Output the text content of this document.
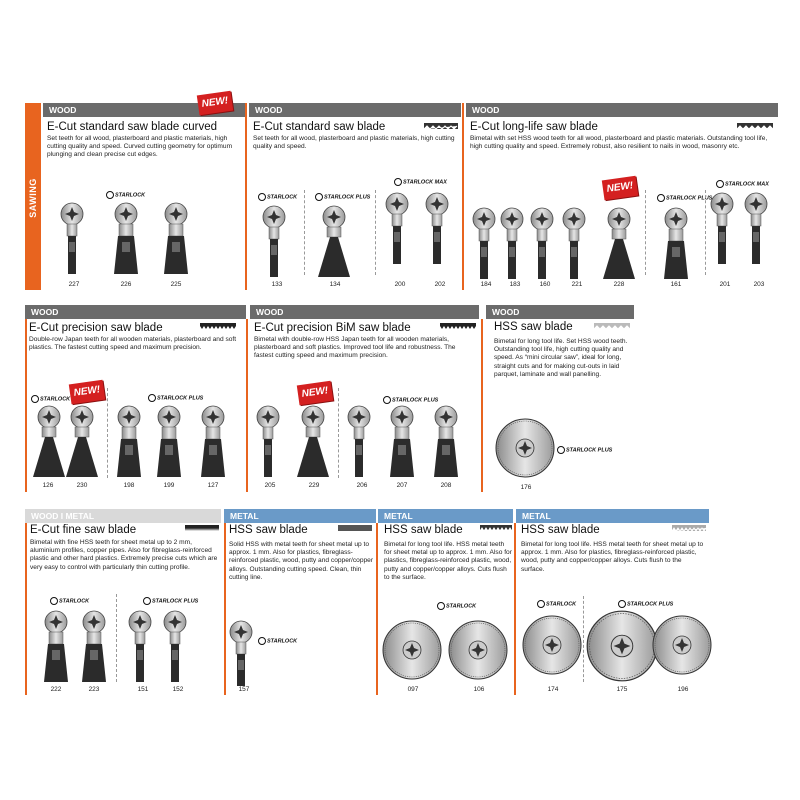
SAWING
WOOD
NEW!
E-Cut standard saw blade curved
Set teeth for all wood, plasterboard and plastic materials, high cutting quality and speed. Curved cutting geometry for optimum plunging and clean precise cut edges.
STARLOCK
227	226	225
WOOD
E-Cut standard saw blade
Set teeth for all wood, plasterboard and plastic materials, high cutting quality and speed.
STARLOCK	STARLOCK PLUS
STARLOCK MAX
133	134	200	202
WOOD
E-Cut long-life saw blade
Bimetal with set HSS wood teeth for all wood, plasterboard and plastic materials. Outstanding tool life, high cutting quality and speed. Extremely robust, also resilient to nails in wood, masonry etc.
NEW!
STARLOCK PLUS
STARLOCK MAX
184	183	160	221	228	161	201	203
WOOD
E-Cut precision saw blade
Double-row Japan teeth for all wooden materials, plasterboard and soft plastics. The fastest cutting speed and maximum precision.
NEW!
STARLOCK	STARLOCK PLUS
126	230	198	199	127
WOOD
E-Cut precision BiM saw blade
Bimetal with double-row HSS Japan teeth for all wooden materials, plasterboard and soft plastics. Improved tool life and robustness. The fastest cutting speed and maximum precision.
NEW!
STARLOCK PLUS
205	229	206	207	208
WOOD
HSS saw blade
Bimetal for long tool life. Set HSS wood teeth. Outstanding tool life, high cutting quality and speed. As “mini circular saw”, ideal for long, straight cuts and for making cut-outs in laid parquet, laminate and wall panelling.
STARLOCK PLUS
176
WOOD I METAL
E-Cut fine saw blade
Bimetal with fine HSS teeth for sheet metal up to 2 mm, aluminium profiles, copper pipes. Also for fibreglass-reinforced plastic and other hard plastics. Extremely precise cuts which are very easy to control with particularly thin cutting profile.
STARLOCK	STARLOCK PLUS
222	223	151	152
METAL
HSS saw blade
Solid HSS with metal teeth for sheet metal up to approx. 1 mm. Also for plastics, fibreglass-reinforced plastic, wood, putty and copper/copper alloys. Outstanding cutting speed. Clean, thin cutting line.
STARLOCK
157
METAL
HSS saw blade
Bimetal for long tool life. HSS metal teeth for sheet metal up to approx. 1 mm. Also for plastics, fibreglass-reinforced plastic, wood, putty and copper/copper alloys. Cuts flush to the surface.
STARLOCK
097	106
METAL
HSS saw blade
Bimetal for long tool life. HSS metal teeth for sheet metal up to approx. 1 mm. Also for plastics, fibreglass-reinforced plastic, wood, putty and copper/copper alloys. Cuts flush to the surface.
STARLOCK	STARLOCK PLUS
174	175	196
